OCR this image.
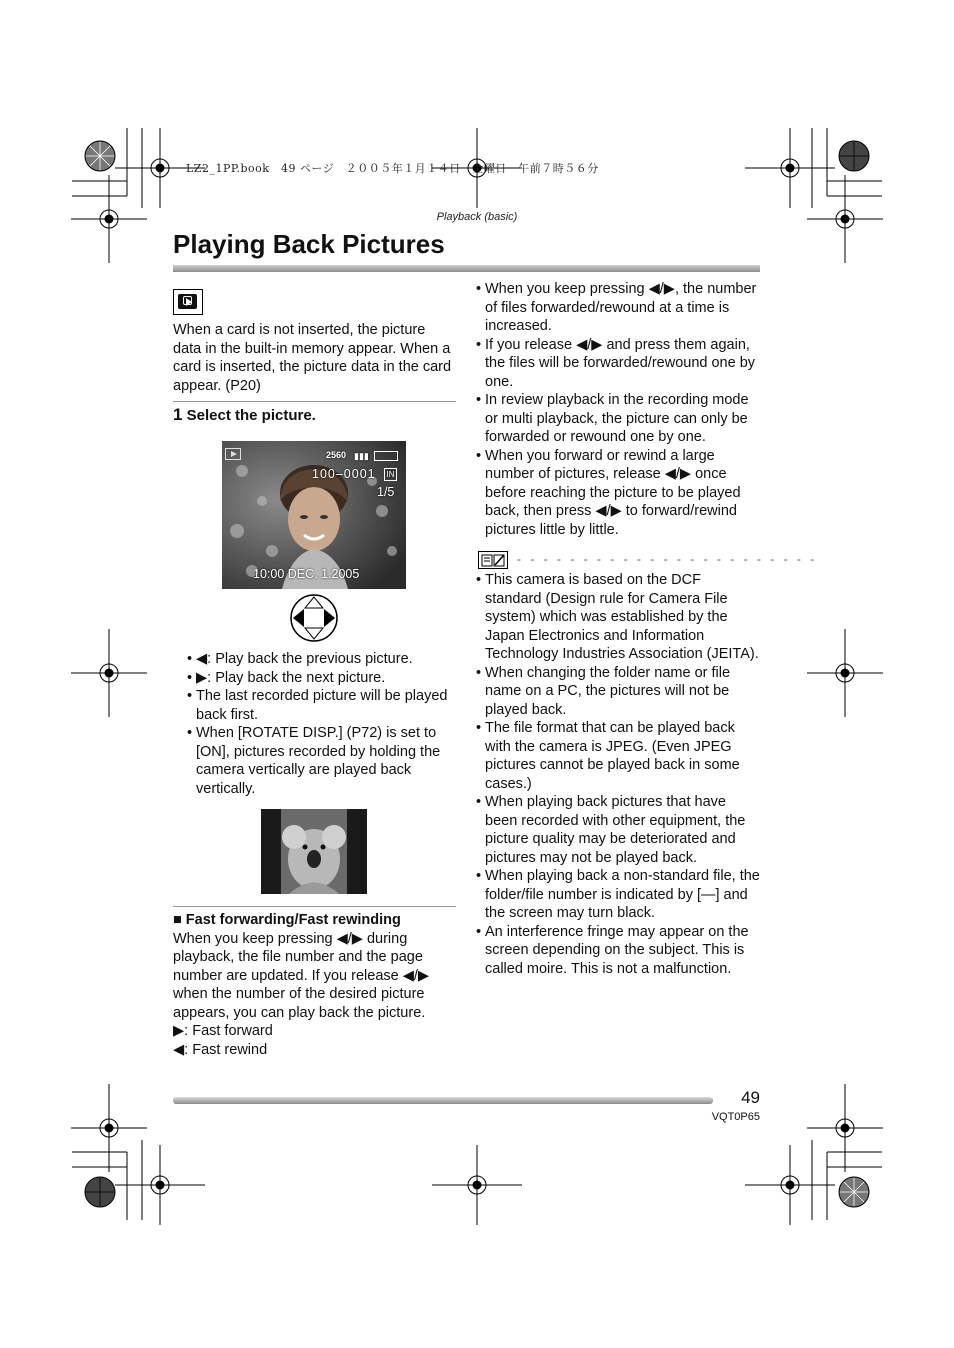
LZ2_1PP.book　49 ページ　２００５年１月１４日　金曜日　午前７時５６分
Playback (basic)
Playing Back Pictures

When a card is not inserted, the picture data in the built-in memory appear. When a card is inserted, the picture data in the card appear. (P20)

1 Select the picture.
2560 ▮▮▮
100–0001	IN
1/5
10:00 DEC. 1.2005
• ◀: Play back the previous picture.
• ▶: Play back the next picture.
• The last recorded picture will be played back first.
• When [ROTATE DISP.] (P72) is set to [ON], pictures recorded by holding the camera vertically are played back vertically.

■ Fast forwarding/Fast rewinding

When you keep pressing ◀/▶ during playback, the file number and the page number are updated. If you release ◀/▶ when the number of the desired picture appears, you can play back the picture.

▶: Fast forward

◀: Fast rewind

• When you keep pressing ◀/▶, the number of files forwarded/rewound at a time is increased.
• If you release ◀/▶ and press them again, the files will be forwarded/rewound one by one.
• In review playback in the recording mode or multi playback, the picture can only be forwarded or rewound one by one.
• When you forward or rewind a large number of pictures, release ◀/▶ once before reaching the picture to be played back, then press ◀/▶ to forward/rewind pictures little by little.
- - - - - - - - - - - - - - - - - - - - - - -
• This camera is based on the DCF standard (Design rule for Camera File system) which was established by the Japan Electronics and Information Technology Industries Association (JEITA).
• When changing the folder name or file name on a PC, the pictures will not be played back.
• The file format that can be played back with the camera is JPEG. (Even JPEG pictures cannot be played back in some cases.)
• When playing back pictures that have been recorded with other equipment, the picture quality may be deteriorated and pictures may not be played back.
• When playing back a non-standard file, the folder/file number is indicated by [—] and the screen may turn black.
• An interference fringe may appear on the screen depending on the subject. This is called moire. This is not a malfunction.
49
VQT0P65
